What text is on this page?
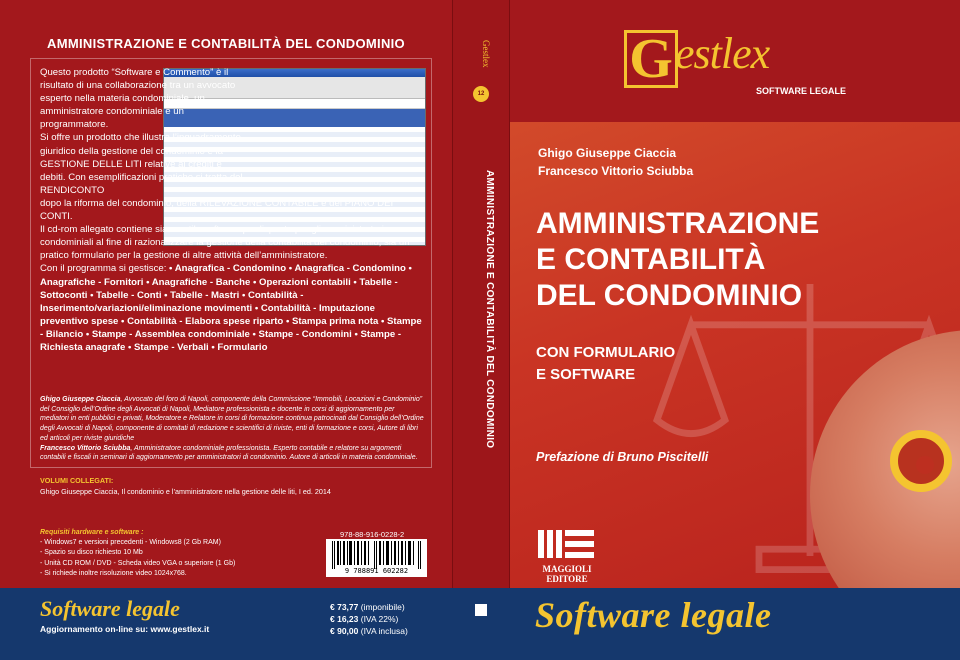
AMMINISTRAZIONE E CONTABILITÀ DEL CONDOMINIO
Questo prodotto “Software e Commento” è il risultato di una collaborazione tra un avvocato esperto nella materia condominiale, un amministratore condominiale e un programmatore.
Si offre un prodotto che illustra l’inquadramento giuridico della gestione del condominio e la GESTIONE DELLE LITI relative ai crediti e debiti. Con esemplificazioni pratiche si tratta del RENDICONTO
dopo la riforma del condominio, della RILEVAZIONE CONTABILE e del PIANO DEI CONTI.
Il cd-rom allegato contiene sia un utile software predisposto per gli amministratori condominiali al fine di razionalizzare la gestione della contabilità del condominio, sia un pratico formulario per la gestione di altre attività dell’amministratore.
Con il programma si gestisce: • Anagrafica - Condomino • Anagrafica - Condomino • Anagrafiche - Fornitori • Anagrafiche - Banche • Operazioni contabili • Tabelle - Sottoconti • Tabelle - Conti • Tabelle - Mastri • Contabilità - Inserimento/variazioni/eliminazione movimenti • Contabilità - Imputazione preventivo spese • Contabilità - Elabora spese riparto • Stampa prima nota • Stampe - Bilancio • Stampe - Assemblea condominiale • Stampe - Condomini • Stampe - Richiesta anagrafe • Stampe - Verbali • Formulario
Ghigo Giuseppe Ciaccia, Avvocato del foro di Napoli, componente della Commissione “Immobili, Locazioni e Condominio” del Consiglio dell’Ordine degli Avvocati di Napoli, Mediatore professionista e docente in corsi di aggiornamento per mediatori in enti pubblici e privati, Moderatore e Relatore in corsi di formazione continua patrocinati dal Consiglio dell’Ordine degli Avvocati di Napoli, componente di comitati di redazione e scientifici di riviste, enti di formazione e corsi, Autore di libri ed articoli per riviste giuridiche
Francesco Vittorio Sciubba, Amministratore condominiale professionista. Esperto contabile e relatore su argomenti contabili e fiscali in seminari di aggiornamento per amministratori di condominio. Autore di articoli in materia condominiale.
VOLUMI COLLEGATI:
Ghigo Giuseppe Ciaccia, Il condominio e l’amministratore nella gestione delle liti, I ed. 2014
Requisiti hardware e software :
- Windows7 e versioni precedenti - Windows8 (2 Gb RAM)
- Spazio su disco richiesto 10 Mb
- Unità CD ROM / DVD - Scheda video VGA o superiore (1 Gb)
- Si richiede inoltre risoluzione video 1024x768.
978-88-916-0228-2
9 788891 602282
Gestlex
12
AMMINISTRAZIONE E CONTABILITÀ DEL CONDOMINIO
G estlex
SOFTWARE LEGALE
Ghigo Giuseppe Ciaccia
Francesco Vittorio Sciubba
AMMINISTRAZIONE
E CONTABILITÀ
DEL CONDOMINIO
CON FORMULARIO
E SOFTWARE
Prefazione di Bruno Piscitelli
MAGGIOLI EDITORE
Software legale
Aggiornamento on-line su: www.gestlex.it
€ 73,77 (imponibile)
€ 16,23 (IVA 22%)
€ 90,00 (IVA inclusa)	Software legale
